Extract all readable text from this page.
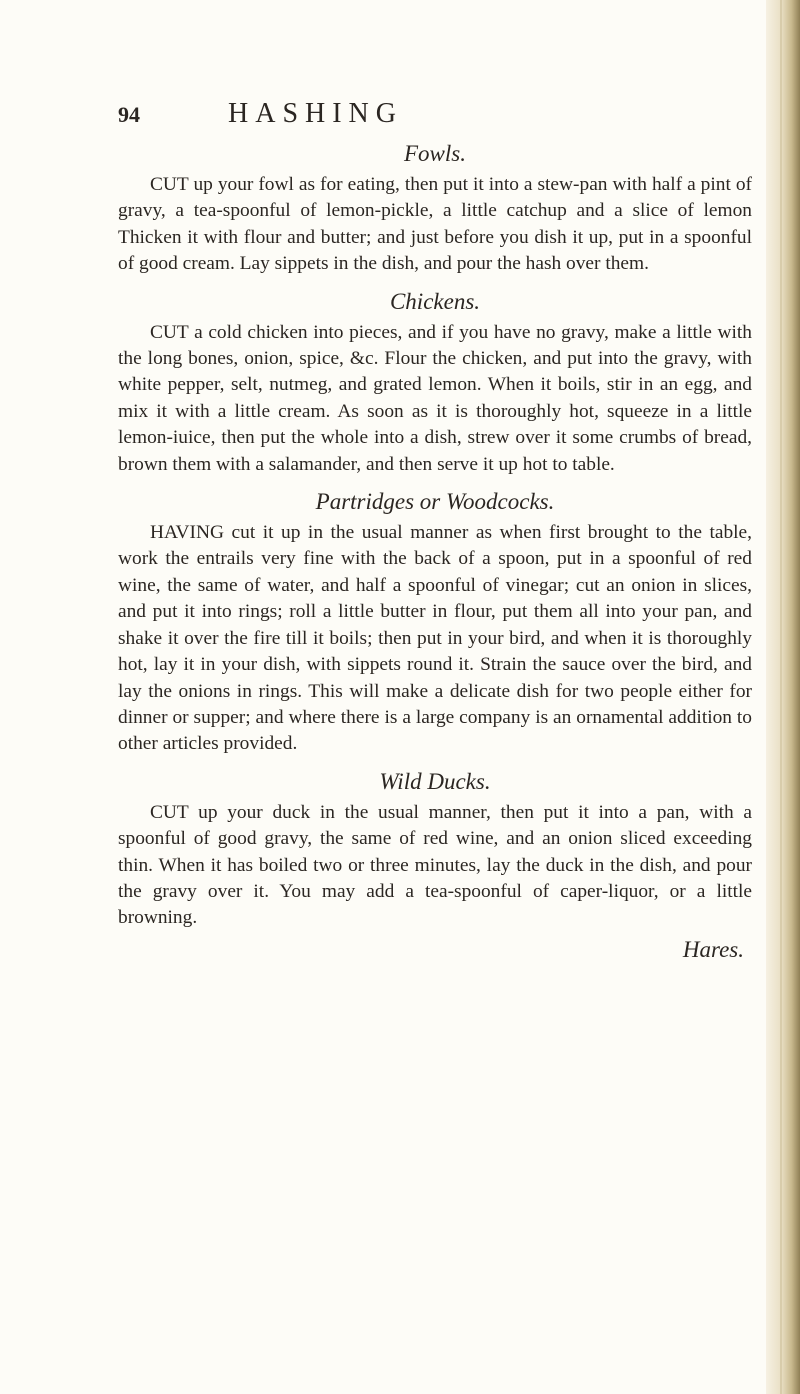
94	HASHING
Fowls.

CUT up your fowl as for eating, then put it into a stew-pan with half a pint of gravy, a tea-spoonful of lemon-pickle, a little catchup and a slice of lemon Thicken it with flour and butter; and just before you dish it up, put in a spoonful of good cream. Lay sippets in the dish, and pour the hash over them.

Chickens.

CUT a cold chicken into pieces, and if you have no gravy, make a little with the long bones, onion, spice, &c. Flour the chicken, and put into the gravy, with white pepper, selt, nutmeg, and grated lemon. When it boils, stir in an egg, and mix it with a little cream. As soon as it is thoroughly hot, squeeze in a little lemon-iuice, then put the whole into a dish, strew over it some crumbs of bread, brown them with a salamander, and then serve it up hot to table.

Partridges or Woodcocks.

HAVING cut it up in the usual manner as when first brought to the table, work the entrails very fine with the back of a spoon, put in a spoonful of red wine, the same of water, and half a spoonful of vinegar; cut an onion in slices, and put it into rings; roll a little butter in flour, put them all into your pan, and shake it over the fire till it boils; then put in your bird, and when it is thoroughly hot, lay it in your dish, with sippets round it. Strain the sauce over the bird, and lay the onions in rings. This will make a delicate dish for two people either for dinner or supper; and where there is a large company is an ornamental addition to other articles provided.

Wild Ducks.

CUT up your duck in the usual manner, then put it into a pan, with a spoonful of good gravy, the same of red wine, and an onion sliced exceeding thin. When it has boiled two or three minutes, lay the duck in the dish, and pour the gravy over it. You may add a tea-spoonful of caper-liquor, or a little browning.

Hares.
